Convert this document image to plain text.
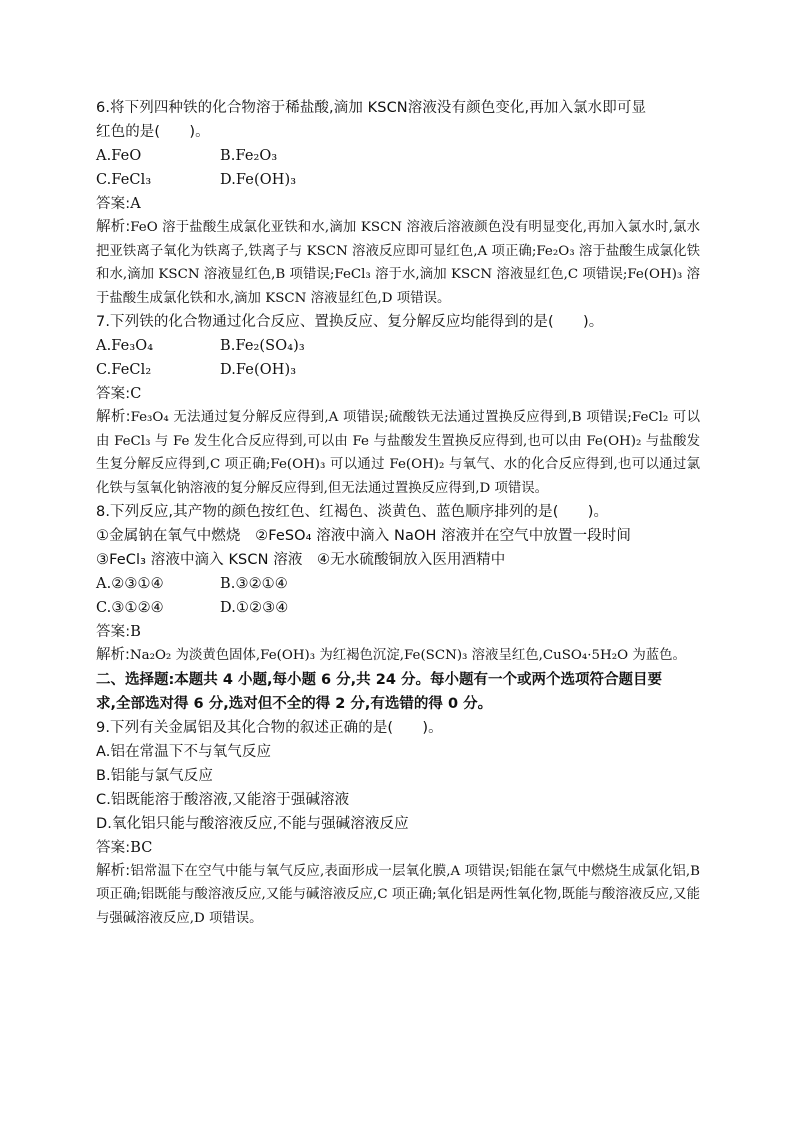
6.将下列四种铁的化合物溶于稀盐酸,滴加 KSCN溶液没有颜色变化,再加入氯水即可显
红色的是(　　)。
A.FeO	B.Fe₂O₃
C.FeCl₃	D.Fe(OH)₃
答案:A
解析:FeO 溶于盐酸生成氯化亚铁和水,滴加 KSCN 溶液后溶液颜色没有明显变化,再加入氯水时,氯水把亚铁离子氧化为铁离子,铁离子与 KSCN 溶液反应即可显红色,A 项正确;Fe₂O₃ 溶于盐酸生成氯化铁和水,滴加 KSCN 溶液显红色,B 项错误;FeCl₃ 溶于水,滴加 KSCN 溶液显红色,C 项错误;Fe(OH)₃ 溶于盐酸生成氯化铁和水,滴加 KSCN 溶液显红色,D 项错误。
7.下列铁的化合物通过化合反应、置换反应、复分解反应均能得到的是(　　)。
A.Fe₃O₄	B.Fe₂(SO₄)₃
C.FeCl₂	D.Fe(OH)₃
答案:C
解析:Fe₃O₄ 无法通过复分解反应得到,A 项错误;硫酸铁无法通过置换反应得到,B 项错误;FeCl₂ 可以由 FeCl₃ 与 Fe 发生化合反应得到,可以由 Fe 与盐酸发生置换反应得到,也可以由 Fe(OH)₂ 与盐酸发生复分解反应得到,C 项正确;Fe(OH)₃ 可以通过 Fe(OH)₂ 与氧气、水的化合反应得到,也可以通过氯化铁与氢氧化钠溶液的复分解反应得到,但无法通过置换反应得到,D 项错误。
8.下列反应,其产物的颜色按红色、红褐色、淡黄色、蓝色顺序排列的是(　　)。
①金属钠在氧气中燃烧　②FeSO₄ 溶液中滴入 NaOH 溶液并在空气中放置一段时间
③FeCl₃ 溶液中滴入 KSCN 溶液　④无水硫酸铜放入医用酒精中
A.②③①④	B.③②①④
C.③①②④	D.①②③④
答案:B
解析:Na₂O₂ 为淡黄色固体,Fe(OH)₃ 为红褐色沉淀,Fe(SCN)₃ 溶液呈红色,CuSO₄·5H₂O 为蓝色。
二、选择题:本题共 4 小题,每小题 6 分,共 24 分。每小题有一个或两个选项符合题目要
求,全部选对得 6 分,选对但不全的得 2 分,有选错的得 0 分。
9.下列有关金属铝及其化合物的叙述正确的是(　　)。
A.铝在常温下不与氧气反应
B.铝能与氯气反应
C.铝既能溶于酸溶液,又能溶于强碱溶液
D.氧化铝只能与酸溶液反应,不能与强碱溶液反应
答案:BC
解析:铝常温下在空气中能与氧气反应,表面形成一层氧化膜,A 项错误;铝能在氯气中燃烧生成氯化铝,B 项正确;铝既能与酸溶液反应,又能与碱溶液反应,C 项正确;氧化铝是两性氧化物,既能与酸溶液反应,又能与强碱溶液反应,D 项错误。
